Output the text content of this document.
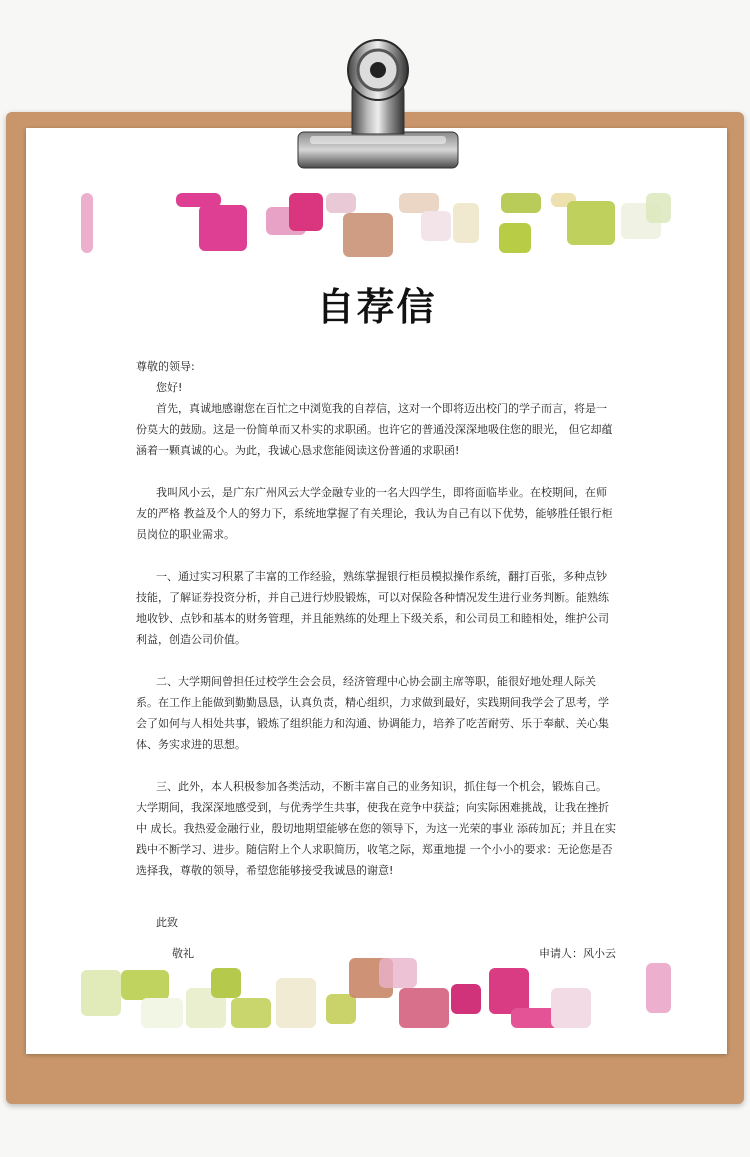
自荐信

尊敬的领导:

您好!

首先，真诚地感谢您在百忙之中浏览我的自荐信，这对一个即将迈出校门的学子而言，将是一份莫大的鼓励。这是一份简单而又朴实的求职函。也许它的普通没深深地吸住您的眼光， 但它却蕴涵着一颗真诚的心。为此，我诚心恳求您能阅读这份普通的求职函!

我叫风小云，是广东广州风云大学金融专业的一名大四学生，即将面临毕业。在校期间，在师友的严格 教益及个人的努力下，系统地掌握了有关理论，我认为自己有以下优势，能够胜任银行柜员岗位的职业需求。

一、通过实习积累了丰富的工作经验，熟练掌握银行柜员模拟操作系统，翻打百张，多种点钞技能，了解证券投资分析，并自己进行炒股锻炼，可以对保险各种情况发生进行业务判断。能熟练地收钞、点钞和基本的财务管理，并且能熟练的处理上下级关系，和公司员工和睦相处，维护公司利益，创造公司价值。

二、大学期间曾担任过校学生会会员，经济管理中心协会副主席等职，能很好地处理人际关系。在工作上能做到勤勤恳恳，认真负责，精心组织，力求做到最好，实践期间我学会了思考，学会了如何与人相处共事，锻炼了组织能力和沟通、协调能力，培养了吃苦耐劳、乐于奉献、关心集体、务实求进的思想。

三、此外，本人积极参加各类活动，不断丰富自己的业务知识，抓住每一个机会，锻炼自己。大学期间，我深深地感受到，与优秀学生共事，使我在竞争中获益；向实际困难挑战，让我在挫折中 成长。我热爱金融行业，殷切地期望能够在您的领导下，为这一光荣的事业 添砖加瓦；并且在实践中不断学习、进步。随信附上个人求职简历，收笔之际，郑重地提 一个小小的要求：无论您是否选择我，尊敬的领导，希望您能够接受我诚恳的谢意!

此致

敬礼	申请人：风小云
